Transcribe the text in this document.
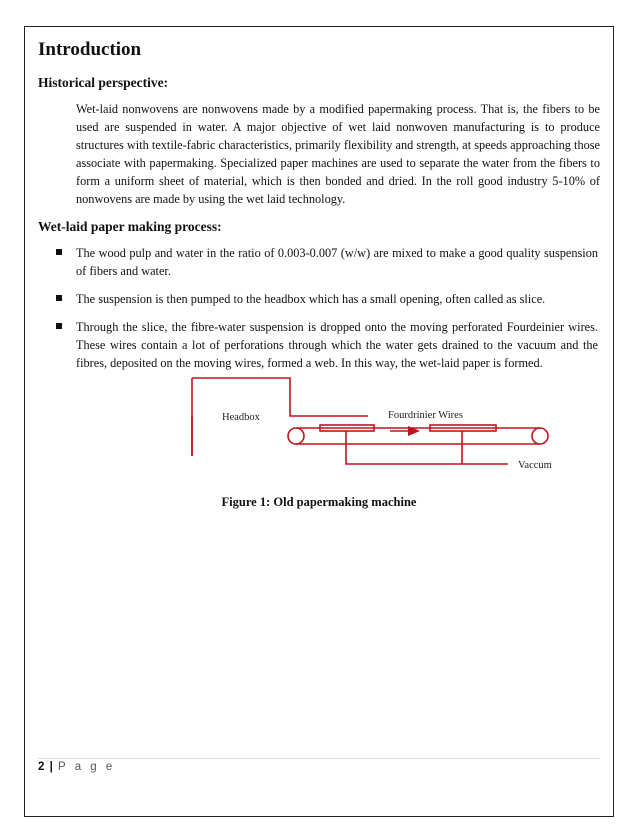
Introduction
Historical perspective:

Wet-laid nonwovens are nonwovens made by a modified papermaking process. That is, the fibers to be used are suspended in water. A major objective of wet laid nonwoven manufacturing is to produce structures with textile-fabric characteristics, primarily flexibility and strength, at speeds approaching those associate with papermaking. Specialized paper machines are used to separate the water from the fibers to form a uniform sheet of material, which is then bonded and dried. In the roll good industry 5-10% of nonwovens are made by using the wet laid technology.

Wet-laid paper making process:
The wood pulp and water in the ratio of 0.003-0.007 (w/w) are mixed to make a good quality suspension of fibers and water.
The suspension is then pumped to the headbox which has a small opening, often called as slice.
Through the slice, the fibre-water suspension is dropped onto the moving perforated Fourdeinier wires. These wires contain a lot of perforations through which the water gets drained to the vacuum and the fibres, deposited on the moving wires, formed a web. In this way, the wet-laid paper is formed.
Headbox	Fourdrinier Wires
Vaccum
Figure 1: Old papermaking machine
2 | P a g e
